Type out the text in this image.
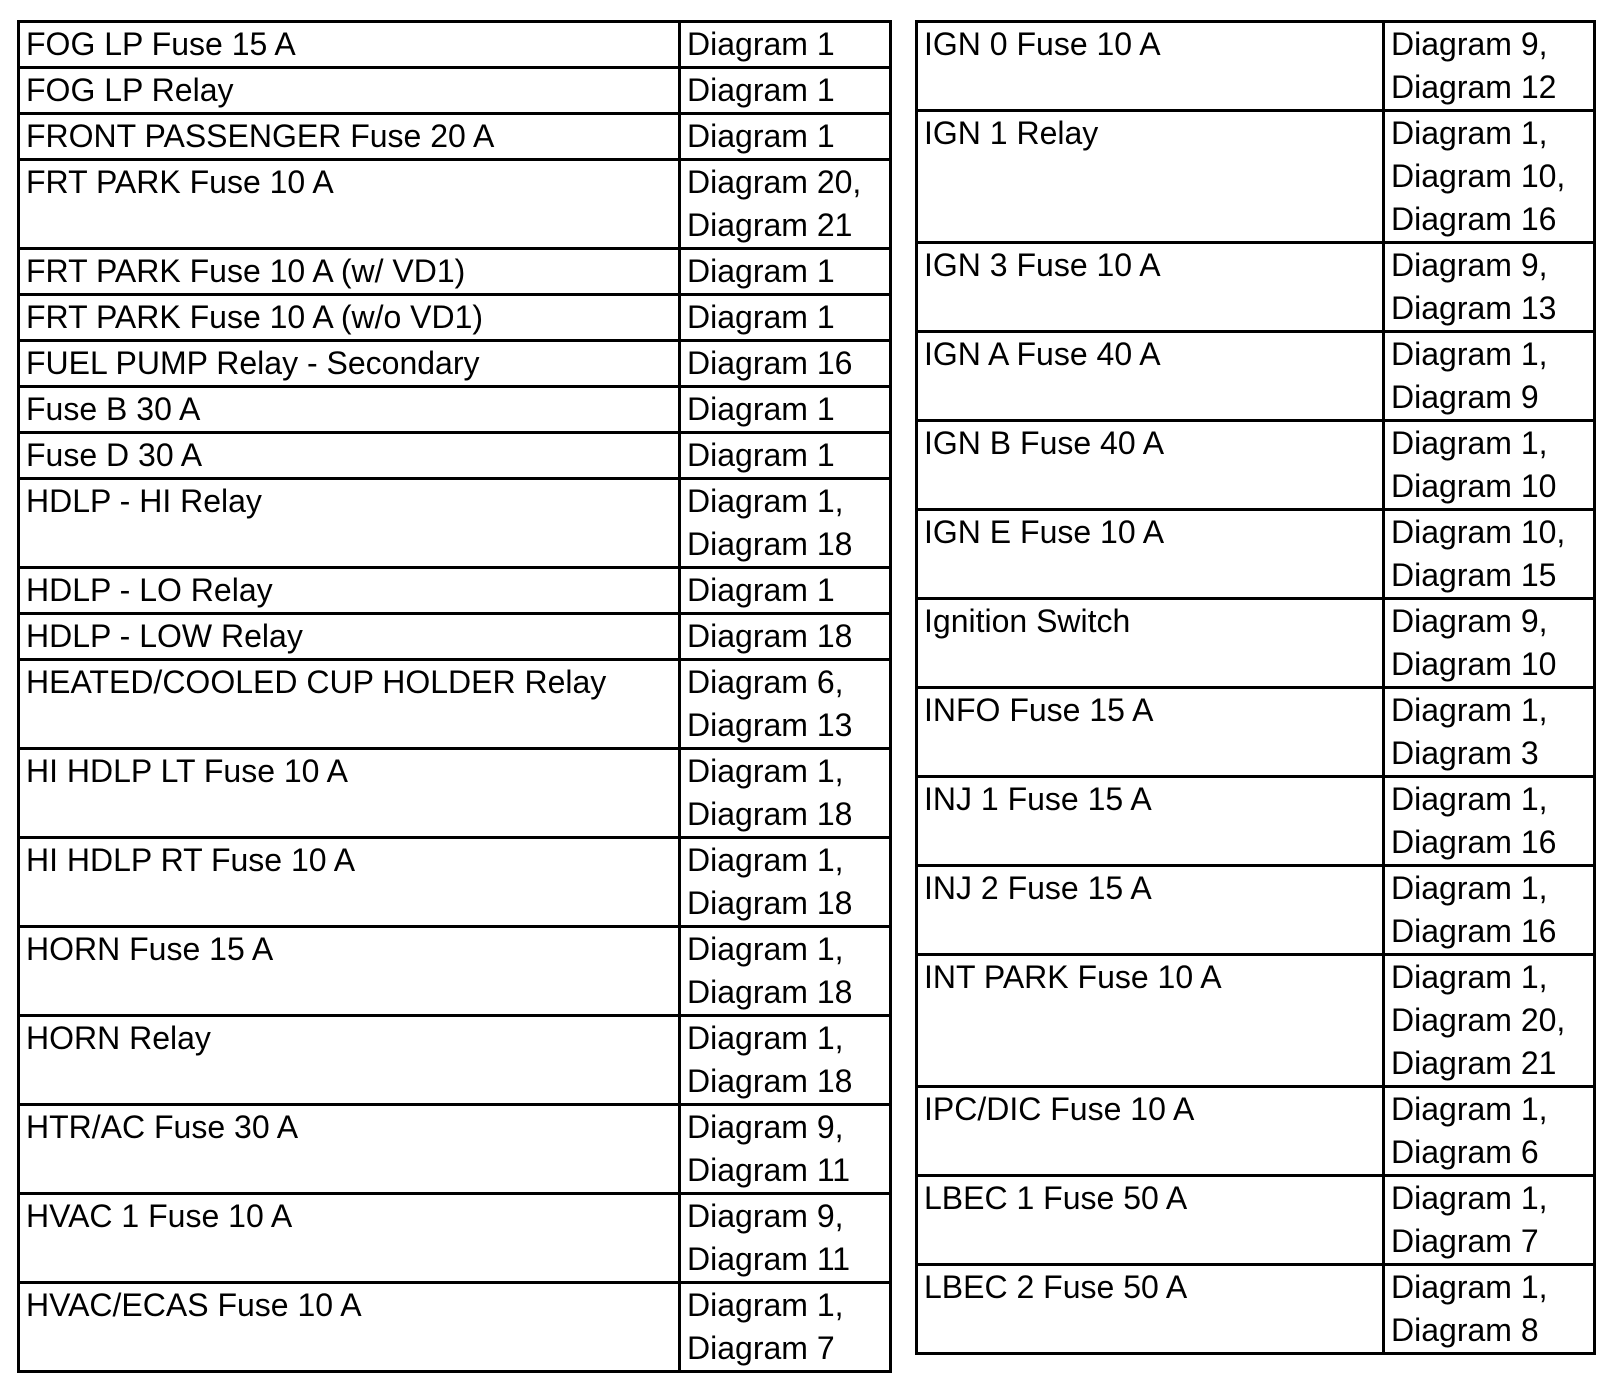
FOG LP Fuse 15 A	Diagram 1

FOG LP Relay	Diagram 1

FRONT PASSENGER Fuse 20 A	Diagram 1

FRT PARK Fuse 10 A	Diagram 20,
Diagram 21

FRT PARK Fuse 10 A (w/ VD1)	Diagram 1

FRT PARK Fuse 10 A (w/o VD1)	Diagram 1

FUEL PUMP Relay - Secondary	Diagram 16

Fuse B 30 A	Diagram 1

Fuse D 30 A	Diagram 1

HDLP - HI Relay	Diagram 1,
Diagram 18

HDLP - LO Relay	Diagram 1

HDLP - LOW Relay	Diagram 18

HEATED/COOLED CUP HOLDER Relay	Diagram 6,
Diagram 13

HI HDLP LT Fuse 10 A	Diagram 1,
Diagram 18

HI HDLP RT Fuse 10 A	Diagram 1,
Diagram 18

HORN Fuse 15 A	Diagram 1,
Diagram 18

HORN Relay	Diagram 1,
Diagram 18

HTR/AC Fuse 30 A	Diagram 9,
Diagram 11

HVAC 1 Fuse 10 A	Diagram 9,
Diagram 11

HVAC/ECAS Fuse 10 A	Diagram 1,
Diagram 7
IGN 0 Fuse 10 A	Diagram 9,
Diagram 12

IGN 1 Relay	Diagram 1,
Diagram 10,
Diagram 16

IGN 3 Fuse 10 A	Diagram 9,
Diagram 13

IGN A Fuse 40 A	Diagram 1,
Diagram 9

IGN B Fuse 40 A	Diagram 1,
Diagram 10

IGN E Fuse 10 A	Diagram 10,
Diagram 15

Ignition Switch	Diagram 9,
Diagram 10

INFO Fuse 15 A	Diagram 1,
Diagram 3

INJ 1 Fuse 15 A	Diagram 1,
Diagram 16

INJ 2 Fuse 15 A	Diagram 1,
Diagram 16

INT PARK Fuse 10 A	Diagram 1,
Diagram 20,
Diagram 21

IPC/DIC Fuse 10 A	Diagram 1,
Diagram 6

LBEC 1 Fuse 50 A	Diagram 1,
Diagram 7

LBEC 2 Fuse 50 A	Diagram 1,
Diagram 8
